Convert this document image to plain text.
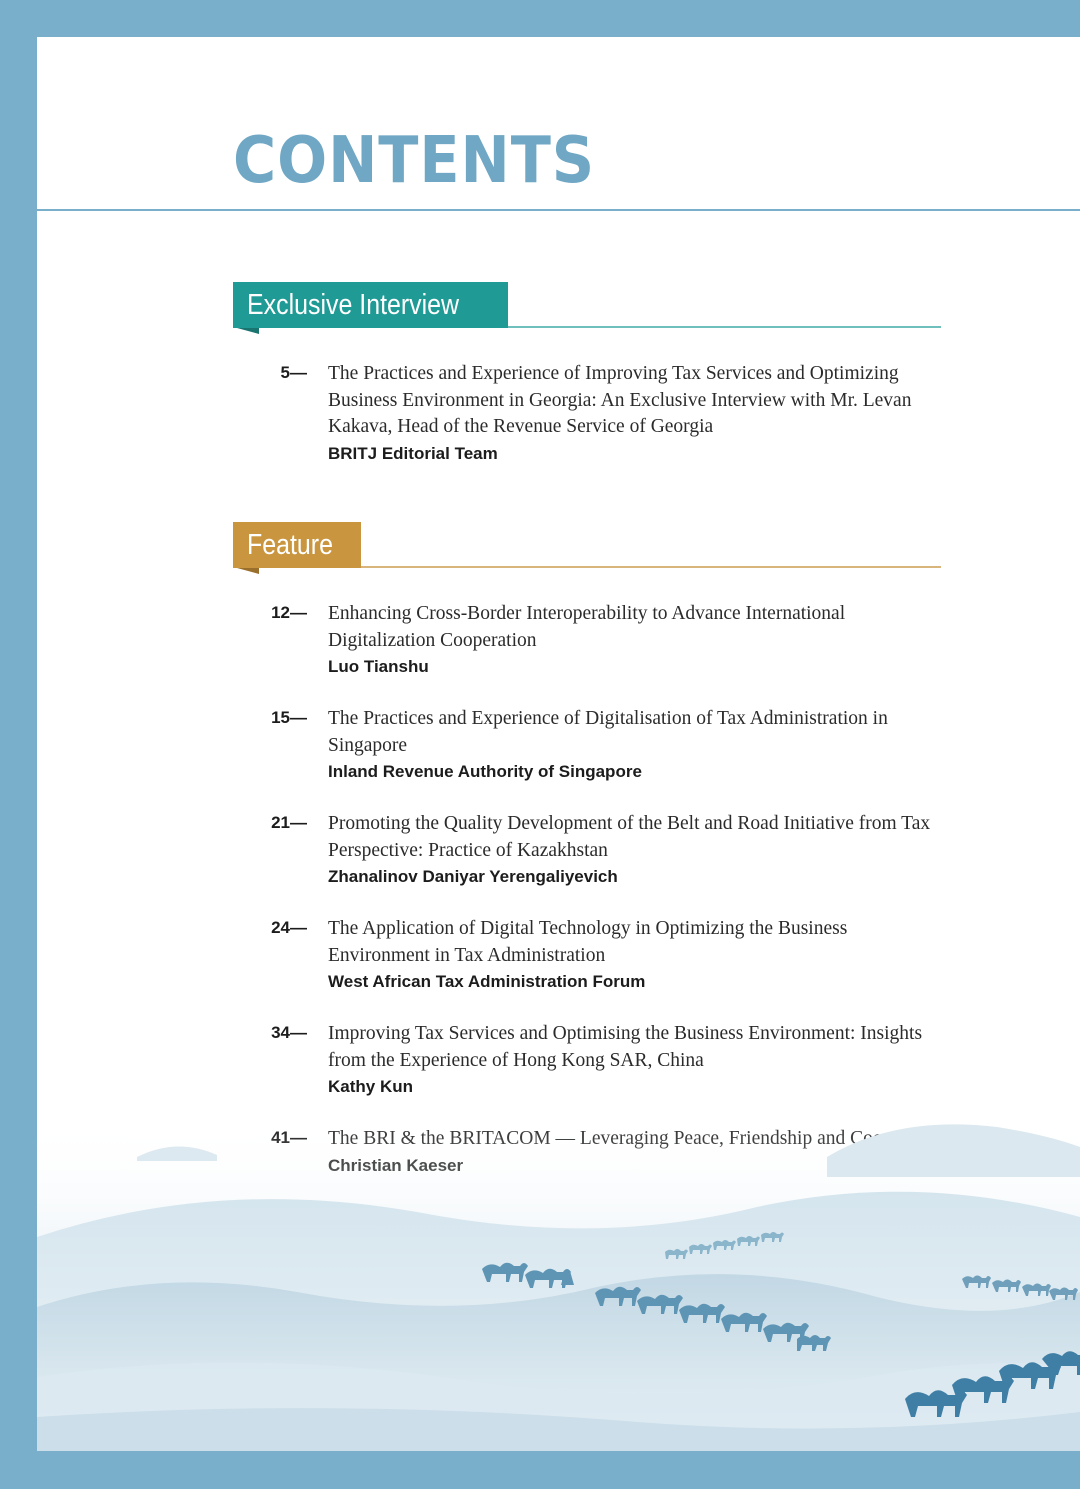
CONTENTS
Exclusive Interview
5— The Practices and Experience of Improving Tax Services and Optimizing Business Environment in Georgia: An Exclusive Interview with Mr. Levan Kakava, Head of the Revenue Service of Georgia
BRITJ Editorial Team
Feature
12— Enhancing Cross-Border Interoperability to Advance International Digitalization Cooperation
Luo Tianshu
15— The Practices and Experience of Digitalisation of Tax Administration in Singapore
Inland Revenue Authority of Singapore
21— Promoting the Quality Development of the Belt and Road Initiative from Tax Perspective: Practice of Kazakhstan
Zhanalinov Daniyar Yerengaliyevich
24— The Application of Digital Technology in Optimizing the Business Environment in Tax Administration
West African Tax Administration Forum
34— Improving Tax Services and Optimising the Business Environment: Insights from the Experience of Hong Kong SAR, China
Kathy Kun
